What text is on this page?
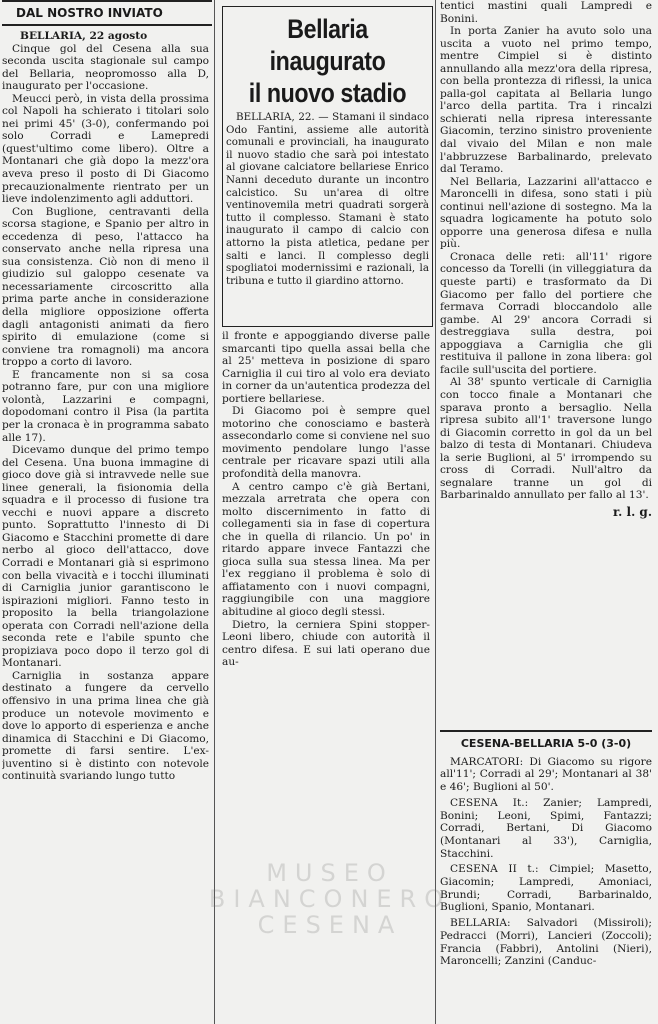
DAL NOSTRO INVIATO

BELLARIA, 22 agosto

Cinque gol del Cesena alla sua seconda uscita stagionale sul campo del Bellaria, neopromosso alla D, inaugurato per l'occasione.

Meucci però, in vista della prossima col Napoli ha schierato i titolari solo nei primi 45' (3-0), confermando poi solo Corradi e Lamepredi (quest'ultimo come libero). Oltre a Montanari che già dopo la mezz'ora aveva preso il posto di Di Giacomo precauzionalmente rientrato per un lieve indolenzimento agli adduttori.

Con Buglione, centravanti della scorsa stagione, e Spanio per altro in eccedenza di peso, l'attacco ha conservato anche nella ripresa una sua consistenza. Ciò non di meno il giudizio sul galoppo cesenate va necessariamente circoscritto alla prima parte anche in considerazione della migliore opposizione offerta dagli antagonisti animati da fiero spirito di emulazione (come si conviene tra romagnoli) ma ancora troppo a corto di lavoro.

E francamente non si sa cosa potranno fare, pur con una migliore volontà, Lazzarini e compagni, dopodomani contro il Pisa (la partita per la cronaca è in programma sabato alle 17).

Dicevamo dunque del primo tempo del Cesena. Una buona immagine di gioco dove già si intravvede nelle sue linee generali, la fisionomia della squadra e il processo di fusione tra vecchi e nuovi appare a discreto punto. Soprattutto l'innesto di Di Giacomo e Stacchini promette di dare nerbo al gioco dell'attacco, dove Corradi e Montanari già si esprimono con bella vivacità e i tocchi illuminati di Carniglia junior garantiscono le ispirazioni migliori. Fanno testo in proposito la bella triangolazione operata con Corradi nell'azione della seconda rete e l'abile spunto che propiziava poco dopo il terzo gol di Montanari.

Carniglia in sostanza appare destinato a fungere da cervello offensivo in una prima linea che già produce un notevole movimento e dove lo apporto di esperienza e anche dinamica di Stacchini e Di Giacomo, promette di farsi sentire. L'ex-juventino si è distinto con notevole continuità svariando lungo tutto

Bellaria inaugurato
il nuovo stadio

BELLARIA, 22. — Stamani il sindaco Odo Fantini, assieme alle autorità comunali e provinciali, ha inaugurato il nuovo stadio che sarà poi intestato al giovane calciatore bellariese Enrico Nanni deceduto durante un incontro calcistico. Su un'area di oltre ventinovemila metri quadrati sorgerà tutto il complesso. Stamani è stato inaugurato il campo di calcio con attorno la pista atletica, pedane per salti e lanci. Il complesso degli spogliatoi modernissimi e razionali, la tribuna e tutto il giardino attorno.

il fronte e appoggiando diverse palle smarcanti tipo quella assai bella che al 25' metteva in posizione di sparo Carniglia il cui tiro al volo era deviato in corner da un'autentica prodezza del portiere bellariese.

Di Giacomo poi è sempre quel motorino che conosciamo e basterà assecondarlo come si conviene nel suo movimento pendolare lungo l'asse centrale per ricavare spazi utili alla profondità della manovra.

A centro campo c'è già Bertani, mezzala arretrata che opera con molto discernimento in fatto di collegamenti sia in fase di copertura che in quella di rilancio. Un po' in ritardo appare invece Fantazzi che gioca sulla sua stessa linea. Ma per l'ex reggiano il problema è solo di affiatamento con i nuovi compagni, raggiungibile con una maggiore abitudine al gioco degli stessi.

Dietro, la cerniera Spini stopper-Leoni libero, chiude con autorità il centro difesa. E sui lati operano due au-

tentici mastini quali Lampredi e Bonini.

In porta Zanier ha avuto solo una uscita a vuoto nel primo tempo, mentre Cimpiel si è distinto annullando alla mezz'ora della ripresa, con bella prontezza di riflessi, la unica palla-gol capitata al Bellaria lungo l'arco della partita. Tra i rincalzi schierati nella ripresa interessante Giacomin, terzino sinistro proveniente dal vivaio del Milan e non male l'abbruzzese Barbalinardo, prelevato dal Teramo.

Nel Bellaria, Lazzarini all'attacco e Maroncelli in difesa, sono stati i più continui nell'azione di sostegno. Ma la squadra logicamente ha potuto solo opporre una generosa difesa e nulla più.

Cronaca delle reti: all'11' rigore concesso da Torelli (in villeggiatura da queste parti) e trasformato da Di Giacomo per fallo del portiere che fermava Corradi bloccandolo alle gambe. Al 29' ancora Corradi si destreggiava sulla destra, poi appoggiava a Carniglia che gli restituiva il pallone in zona libera: gol facile sull'uscita del portiere.

Al 38' spunto verticale di Carniglia con tocco finale a Montanari che sparava pronto a bersaglio. Nella ripresa subito all'1' traversone lungo di Giacomin corretto in gol da un bel balzo di testa di Montanari. Chiudeva la serie Buglioni, al 5' irrompendo su cross di Corradi. Null'altro da segnalare tranne un gol di Barbarinaldo annullato per fallo al 13'.

r. l. g.
CESENA-BELLARIA 5-0 (3-0)

MARCATORI: Di Giacomo su rigore all'11'; Corradi al 29'; Montanari al 38' e 46'; Buglioni al 50'.

CESENA It.: Zanier; Lampredi, Bonini; Leoni, Spimi, Fantazzi; Corradi, Bertani, Di Giacomo (Montanari al 33'), Carniglia, Stacchini.

CESENA II t.: Cimpiel; Masetto, Giacomin; Lampredi, Amoniaci, Brundi; Corradi, Barbarinaldo, Buglioni, Spanio, Montanari.

BELLARIA: Salvadori (Missiroli); Pedracci (Morri), Lancieri (Zoccoli); Francia (Fabbri), Antolini (Nieri), Maroncelli; Zanzini (Canduc-

MUSEO
BIANCONERO
CESENA
